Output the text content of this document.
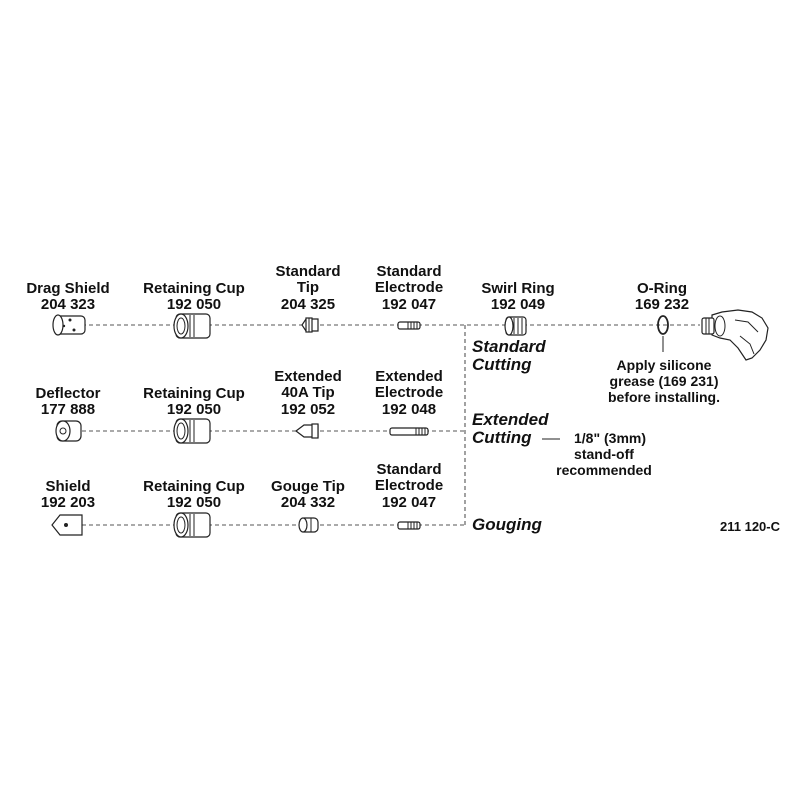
Drag Shield
204 323
Retaining Cup
192 050
Standard Tip
204 325
Standard Electrode
192 047
Swirl Ring
192 049
O-Ring
169 232
Deflector
177 888
Retaining Cup
192 050
Extended 40A Tip
192 052
Extended Electrode
192 048
Shield
192 203
Retaining Cup
192 050
Gouge Tip
204 332
Standard Electrode
192 047
Standard Cutting
Extended Cutting
Gouging
1/8" (3mm) stand-off recommended
Apply silicone grease (169 231) before installing.
211 120-C
